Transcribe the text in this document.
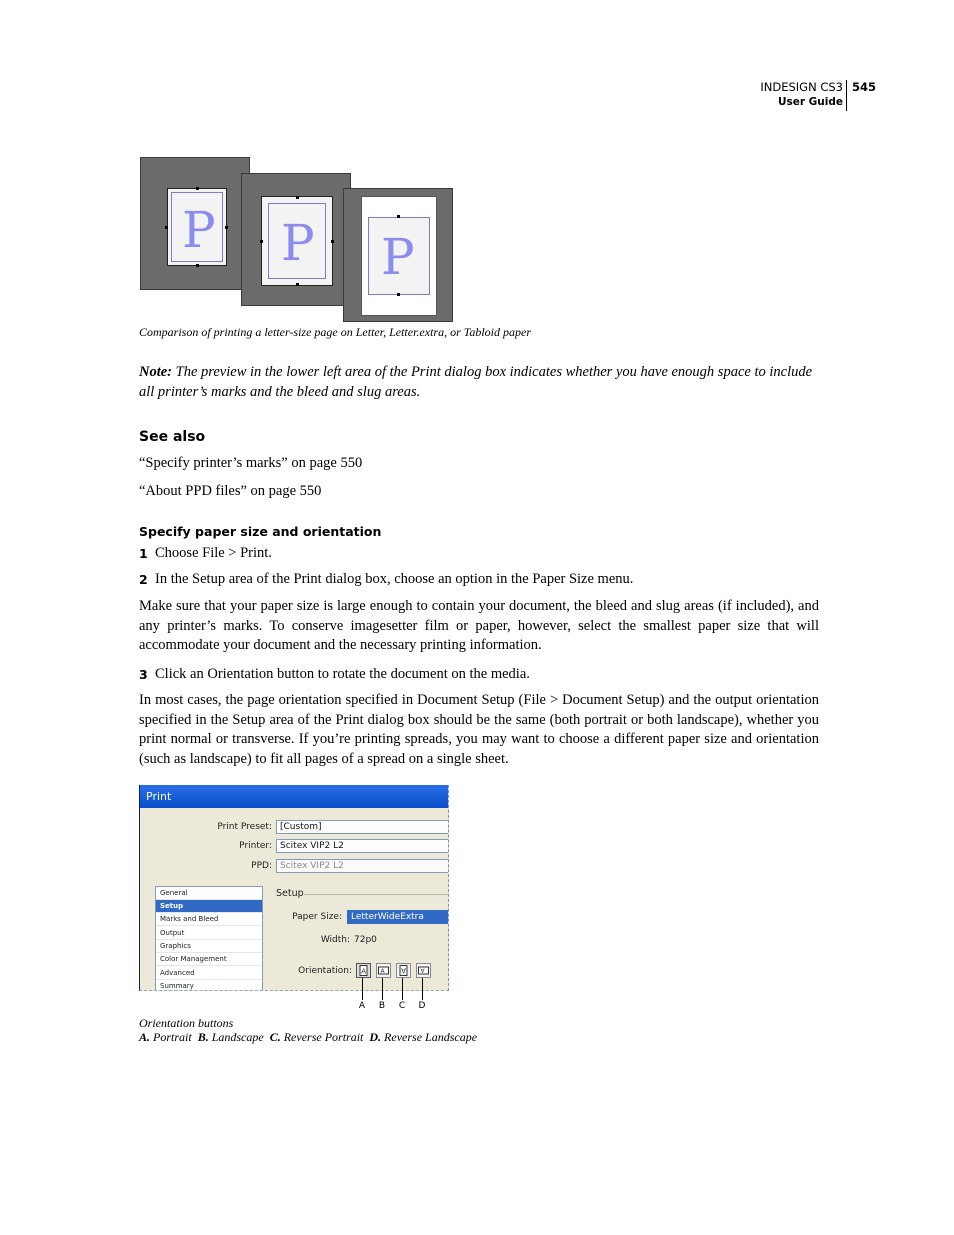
INDESIGN CS3
User Guide
545
P P P
Comparison of printing a letter-size page on Letter, Letter.extra, or Tabloid paper
Note: The preview in the lower left area of the Print dialog box indicates whether you have enough space to include all printer’s marks and the bleed and slug areas.
See also
“Specify printer’s marks” on page 550
“About PPD files” on page 550
Specify paper size and orientation
1 Choose File > Print.
2 In the Setup area of the Print dialog box, choose an option in the Paper Size menu.
Make sure that your paper size is large enough to contain your document, the bleed and slug areas (if included), and any printer’s marks. To conserve imagesetter film or paper, however, select the smallest paper size that will accommodate your document and the necessary printing information.
3 Click an Orientation button to rotate the document on the media.
In most cases, the page orientation specified in Document Setup (File > Document Setup) and the output orientation specified in the Setup area of the Print dialog box should be the same (both portrait or both landscape), whether you print normal or transverse. If you’re printing spreads, you may want to choose a different paper size and orientation (such as landscape) to fit all pages of a spread on a single sheet.
Print
Print Preset: [Custom]
Printer: Scitex VIP2 L2
PPD: Scitex VIP2 L2
General
Setup
Marks and Bleed
Output
Graphics
Color Management
Advanced
Summary
Setup
Paper Size:	LetterWideExtra
Width: 72p0
Orientation: A A ∀ ∀
A	B	C	D
Orientation buttons
A. Portrait B. Landscape C. Reverse Portrait D. Reverse Landscape
